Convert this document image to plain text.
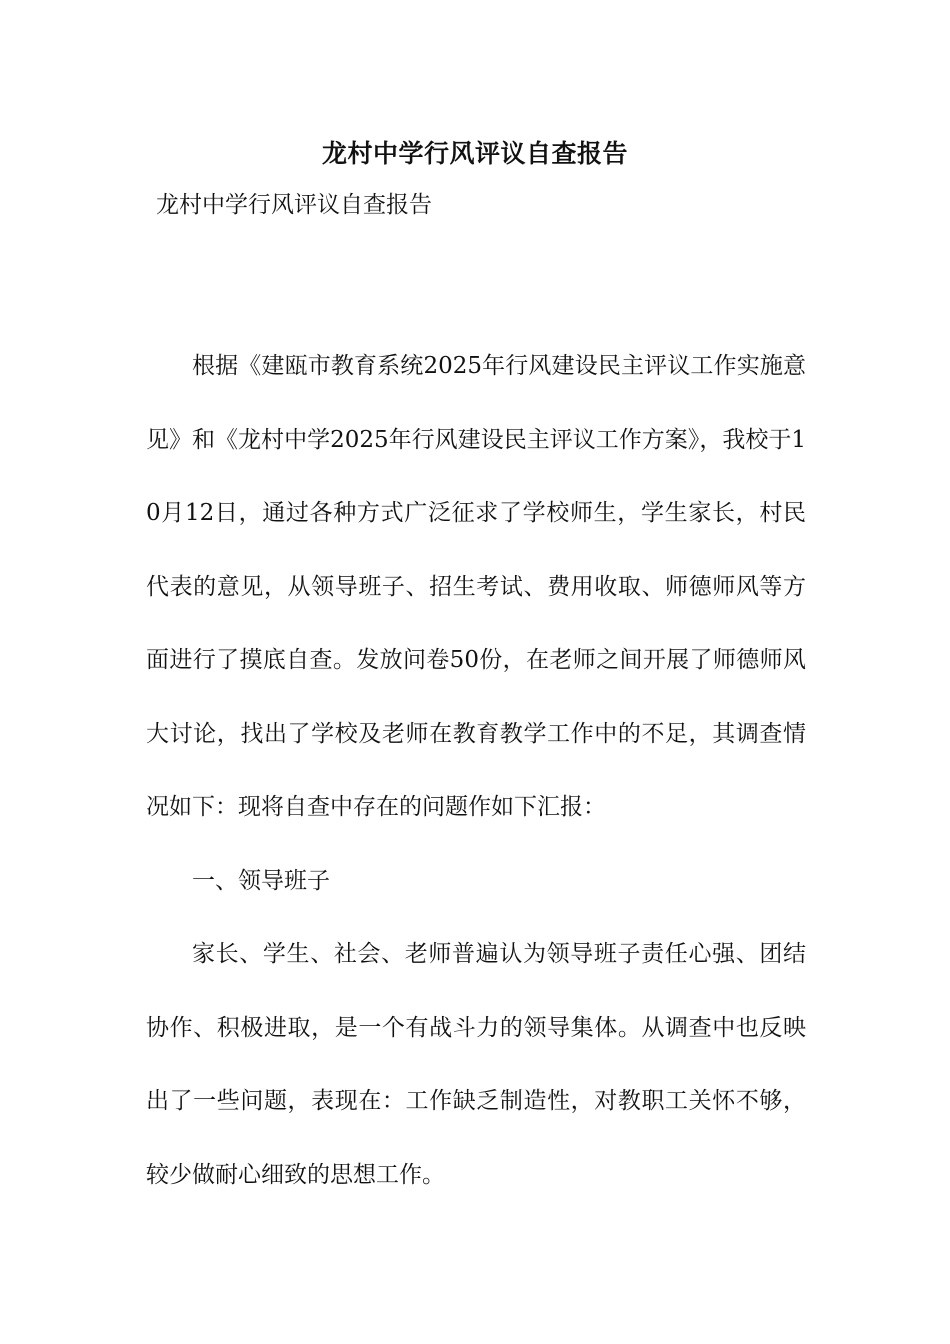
龙村中学行风评议自查报告

龙村中学行风评议自查报告

根据《建瓯市教育系统2025年行风建设民主评议工作实施意见》和《龙村中学2025年行风建设民主评议工作方案》，我校于10月12日，通过各种方式广泛征求了学校师生，学生家长，村民代表的意见，从领导班子、招生考试、费用收取、师德师风等方面进行了摸底自查。发放问卷50份，在老师之间开展了师德师风大讨论，找出了学校及老师在教育教学工作中的不足，其调查情况如下：现将自查中存在的问题作如下汇报：

一、领导班子

家长、学生、社会、老师普遍认为领导班子责任心强、团结协作、积极进取，是一个有战斗力的领导集体。从调查中也反映出了一些问题，表现在：工作缺乏制造性，对教职工关怀不够，较少做耐心细致的思想工作。
